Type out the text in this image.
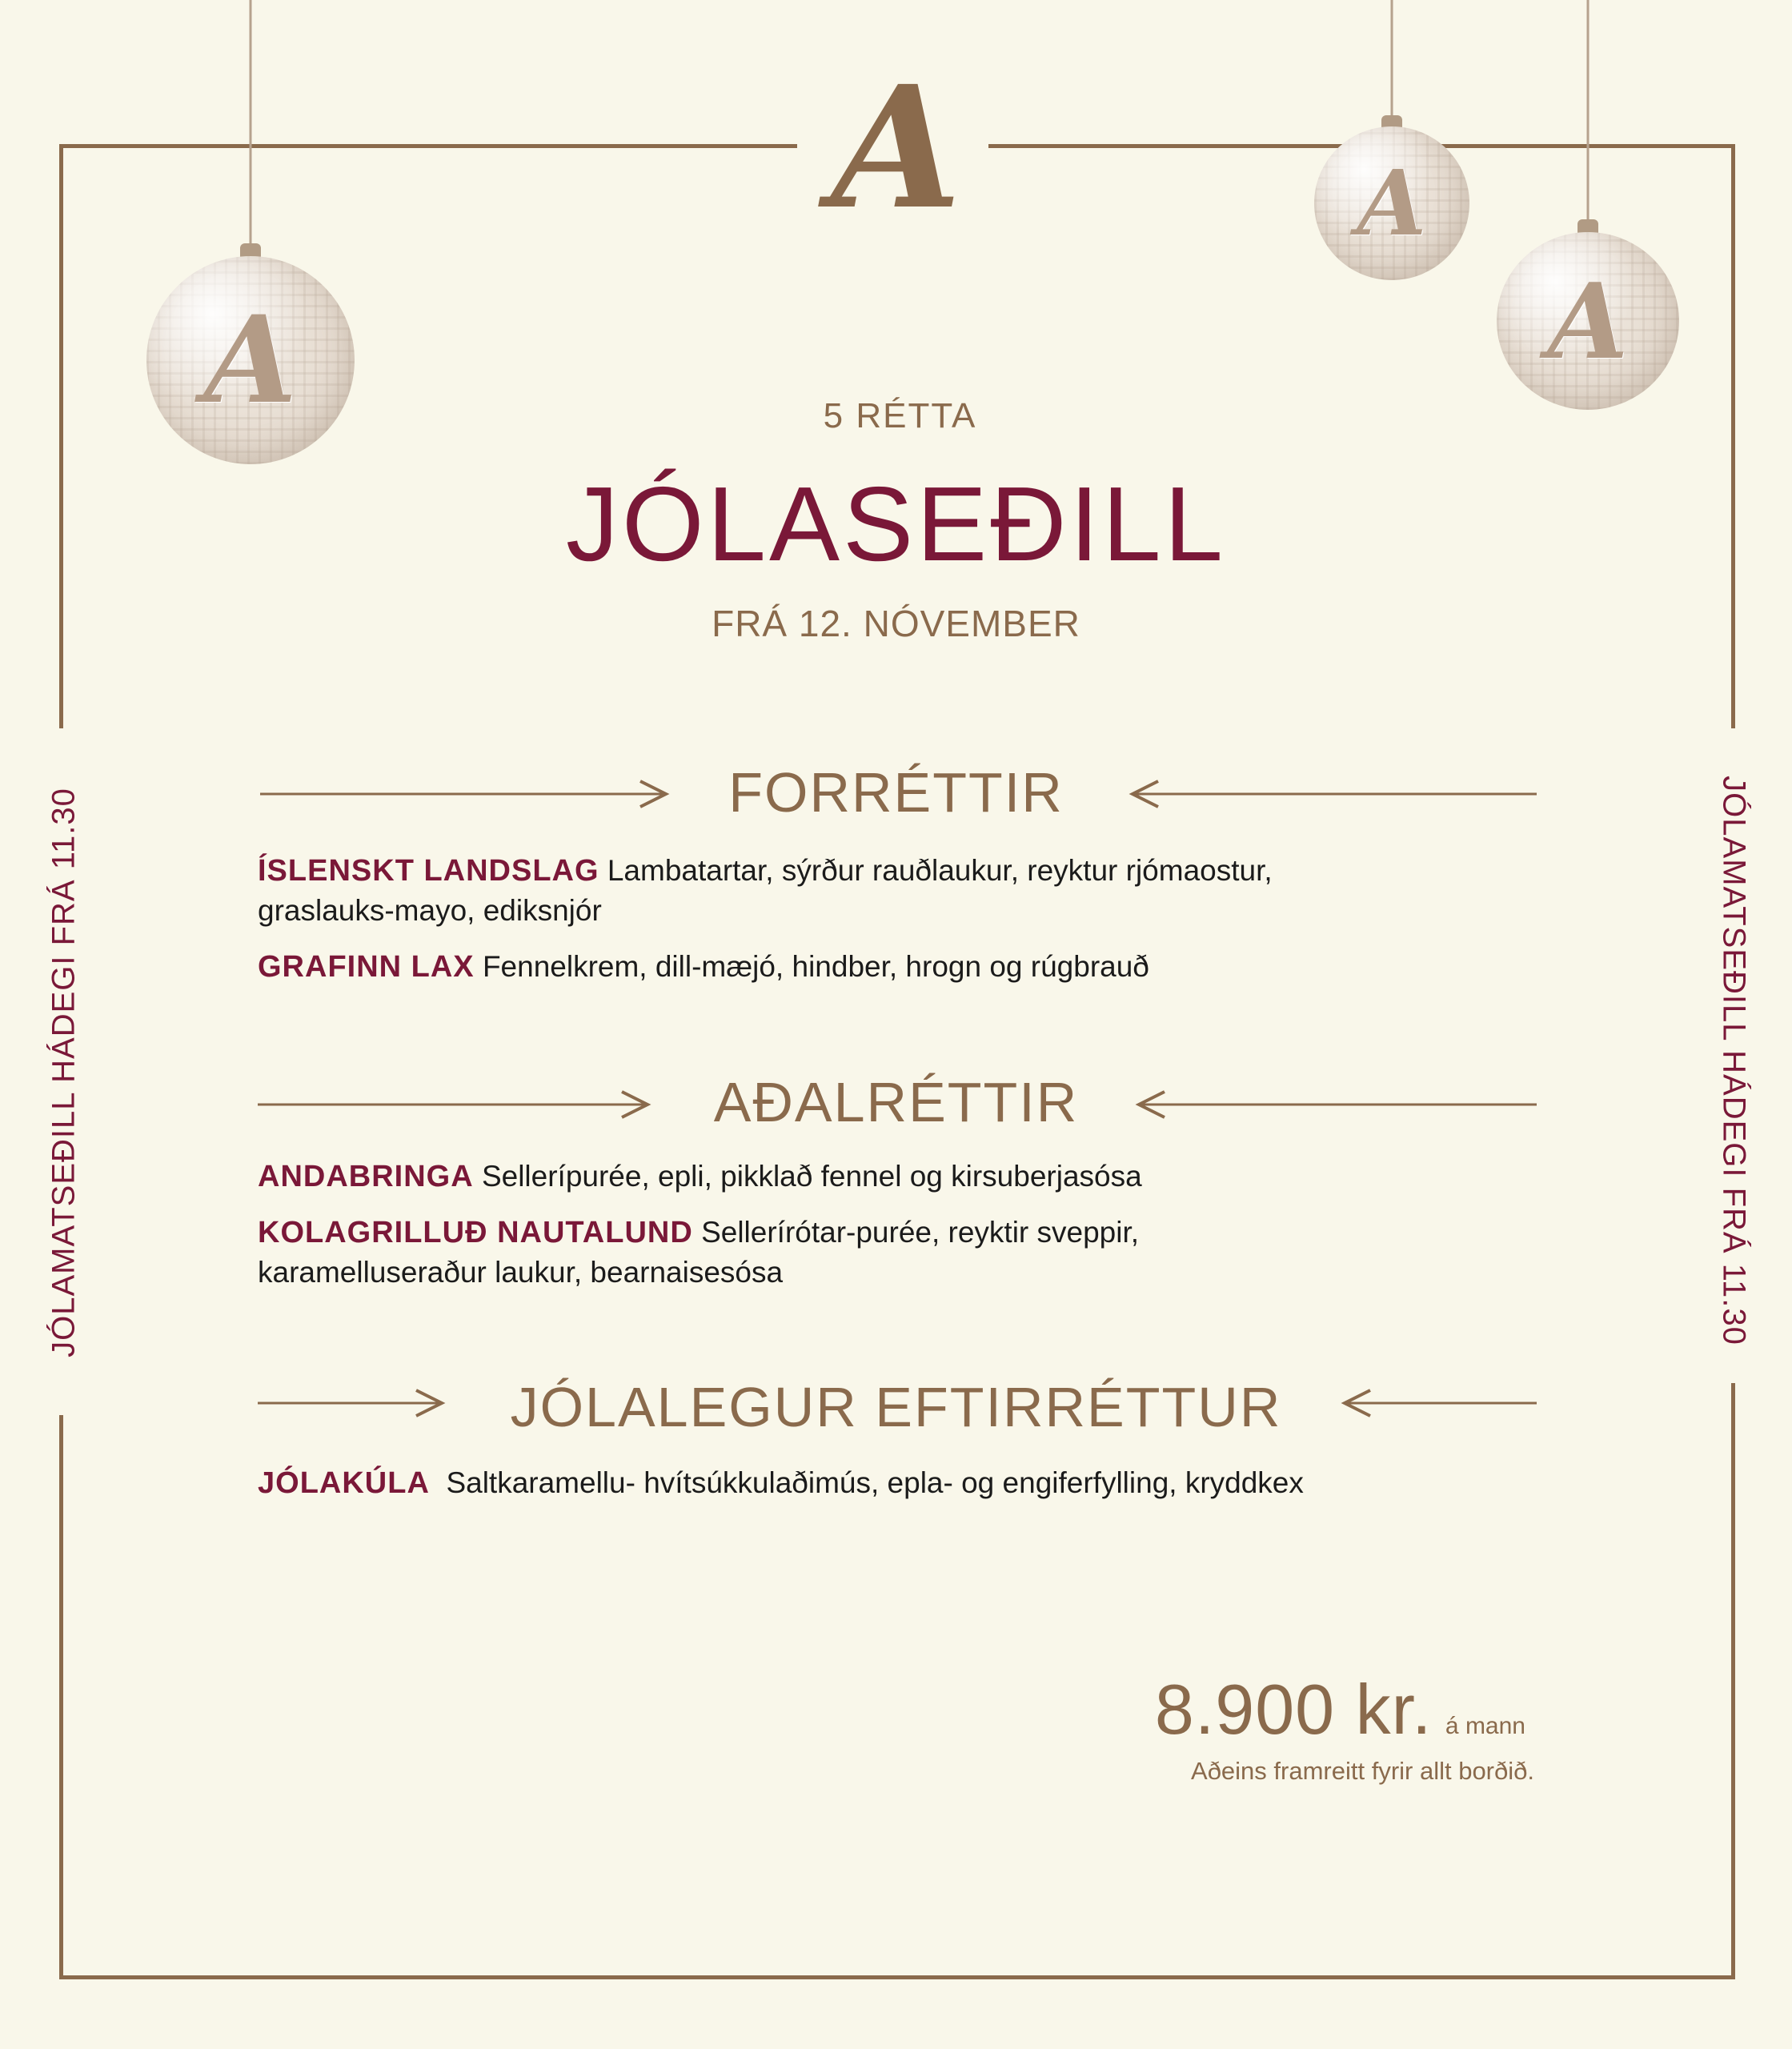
A
A
A
A
5 RÉTTA
JÓLASEÐILL
FRÁ 12. NÓVEMBER
JÓLAMATSEÐILL HÁDEGI FRÁ 11.30	JÓLAMATSEÐILL HÁDEGI FRÁ 11.30
FORRÉTTIR
ÍSLENSKT LANDSLAG Lambatartar, sýrður rauðlaukur, reyktur rjómaostur,
graslauks-mayo, ediksnjór
GRAFINN LAX Fennelkrem, dill-mæjó, hindber, hrogn og rúgbrauð
AÐALRÉTTIR
ANDABRINGA Sellerípurée, epli, pikklað fennel og kirsuberjasósa
KOLAGRILLUÐ NAUTALUND Sellerírótar-purée, reyktir sveppir,
karamelluseraður laukur, bearnaisesósa
JÓLALEGUR EFTIRRÉTTUR
JÓLAKÚLA Saltkaramellu- hvítsúkkulaðimús, epla- og engiferfylling, kryddkex
8.900 kr. á mann
Aðeins framreitt fyrir allt borðið.
